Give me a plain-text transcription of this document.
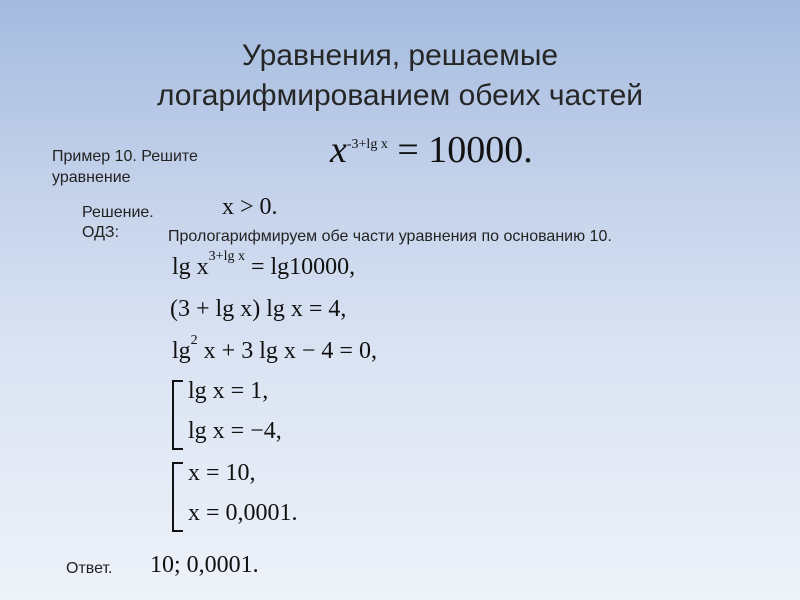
Уравнения, решаемые
логарифмированием обеих частей
Пример 10. Решите
уравнение
$x^{-3+lg x} = 10000$.
Решение.
ОДЗ:
x > 0.
Прологарифмируем обе части уравнения по основанию 10.
$\lg x^{3+lg x} = \lg 10000$,
(3 + lg x) lg x = 4,
$\lg^2 x + 3$ lg x − 4 = 0,
lg x = 1,
lg x = −4,
x = 10,
x = 0,0001.
Ответ. 10; 0,0001.
